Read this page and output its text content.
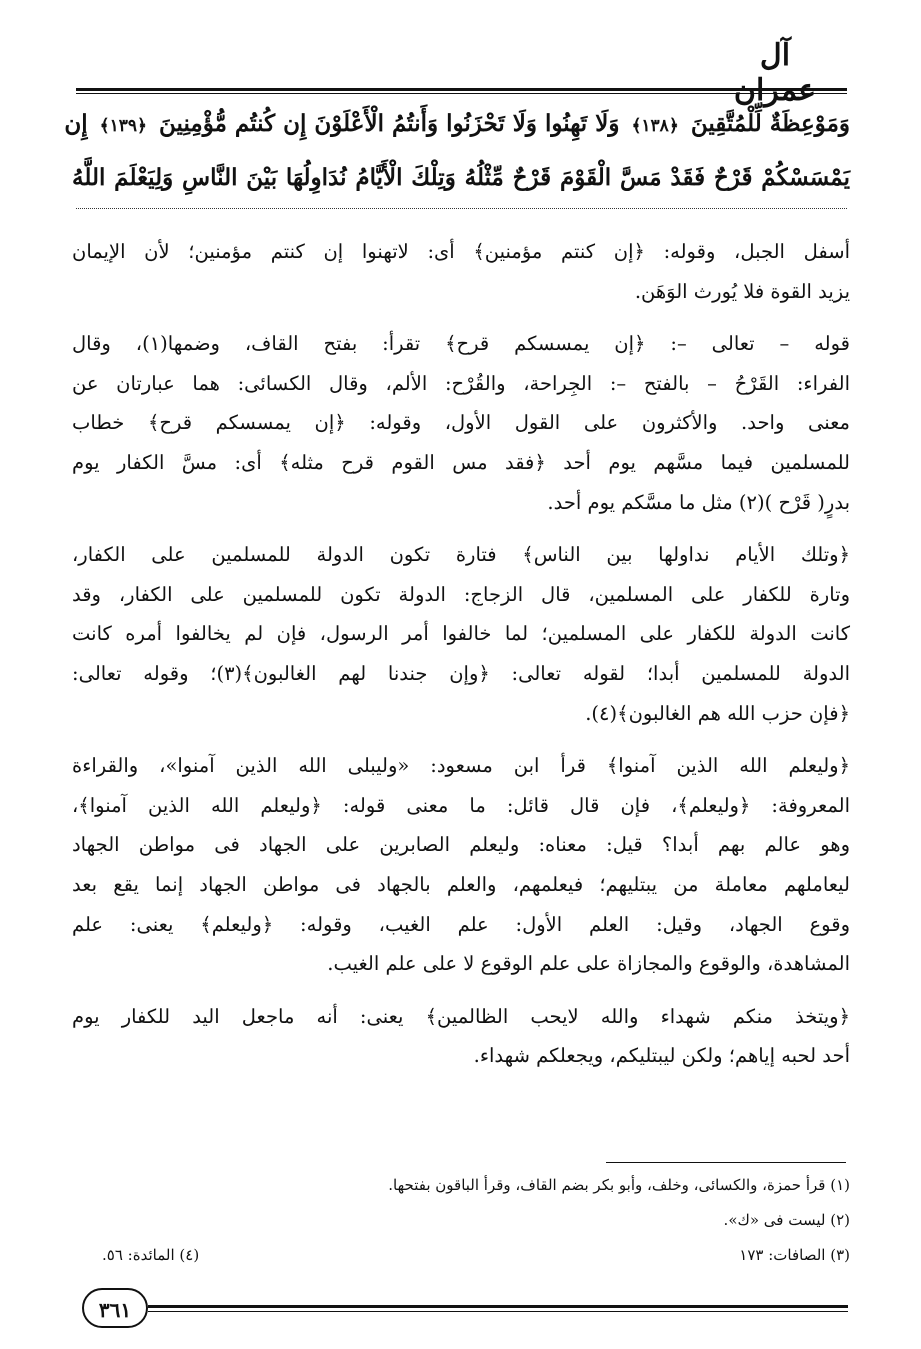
آل عمران
وَمَوْعِظَةٌ لِّلْمُتَّقِينَ ﴿١٣٨﴾ وَلَا تَهِنُوا وَلَا تَحْزَنُوا وَأَنتُمُ الْأَعْلَوْنَ إِن كُنتُم مُّؤْمِنِينَ ﴿١٣٩﴾ إِن
يَمْسَسْكُمْ قَرْحٌ فَقَدْ مَسَّ الْقَوْمَ قَرْحٌ مِّثْلُهُ وَتِلْكَ الْأَيَّامُ نُدَاوِلُهَا بَيْنَ النَّاسِ وَلِيَعْلَمَ اللَّهُ
أسفل الجبل، وقوله: ﴿إن كنتم مؤمنين﴾ أى: لاتهنوا إن كنتم مؤمنين؛ لأن الإيمان
يزيد القوة فلا يُورث الوَهَن.
قوله – تعالى –: ﴿إن يمسسكم قرح﴾ تقرأ: بفتح القاف، وضمها(١)، وقال
الفراء: القَرْحُ – بالفتح –: الجِراحة، والقُرْح: الألم، وقال الكسائى: هما عبارتان عن
معنى واحد. والأكثرون على القول الأول، وقوله: ﴿إن يمسسكم قرح﴾ خطاب
للمسلمين فيما مسَّهم يوم أحد ﴿فقد مس القوم قرح مثله﴾ أى: مسَّ الكفار يوم
بدرٍ( قَرْح )(٢) مثل ما مسَّكم يوم أحد.
﴿وتلك الأيام نداولها بين الناس﴾ فتارة تكون الدولة للمسلمين على الكفار،
وتارة للكفار على المسلمين، قال الزجاج: الدولة تكون للمسلمين على الكفار، وقد
كانت الدولة للكفار على المسلمين؛ لما خالفوا أمر الرسول، فإن لم يخالفوا أمره كانت
الدولة للمسلمين أبدا؛ لقوله تعالى: ﴿وإن جندنا لهم الغالبون﴾(٣)؛ وقوله تعالى:
﴿فإن حزب الله هم الغالبون﴾(٤).
﴿وليعلم الله الذين آمنوا﴾ قرأ ابن مسعود: «وليبلى الله الذين آمنوا»، والقراءة
المعروفة: ﴿وليعلم﴾، فإن قال قائل: ما معنى قوله: ﴿وليعلم الله الذين آمنوا﴾،
وهو عالم بهم أبدا؟ قيل: معناه: وليعلم الصابرين على الجهاد فى مواطن الجهاد
ليعاملهم معاملة من يبتليهم؛ فيعلمهم، والعلم بالجهاد فى مواطن الجهاد إنما يقع بعد
وقوع الجهاد، وقيل: العلم الأول: علم الغيب، وقوله: ﴿وليعلم﴾ يعنى: علم
المشاهدة، والوقوع والمجازاة على علم الوقوع لا على علم الغيب.
﴿ويتخذ منكم شهداء والله لايحب الظالمين﴾ يعنى: أنه ماجعل اليد للكفار يوم
أحد لحبه إياهم؛ ولكن ليبتليكم، ويجعلكم شهداء.
(١) قرأ حمزة، والكسائى، وخلف، وأبو بكر بضم القاف، وقرأ الباقون بفتحها.
(٢) ليست فى «ك».
(٣) الصافات: ١٧٣
(٤) المائدة: ٥٦.
٣٦١
